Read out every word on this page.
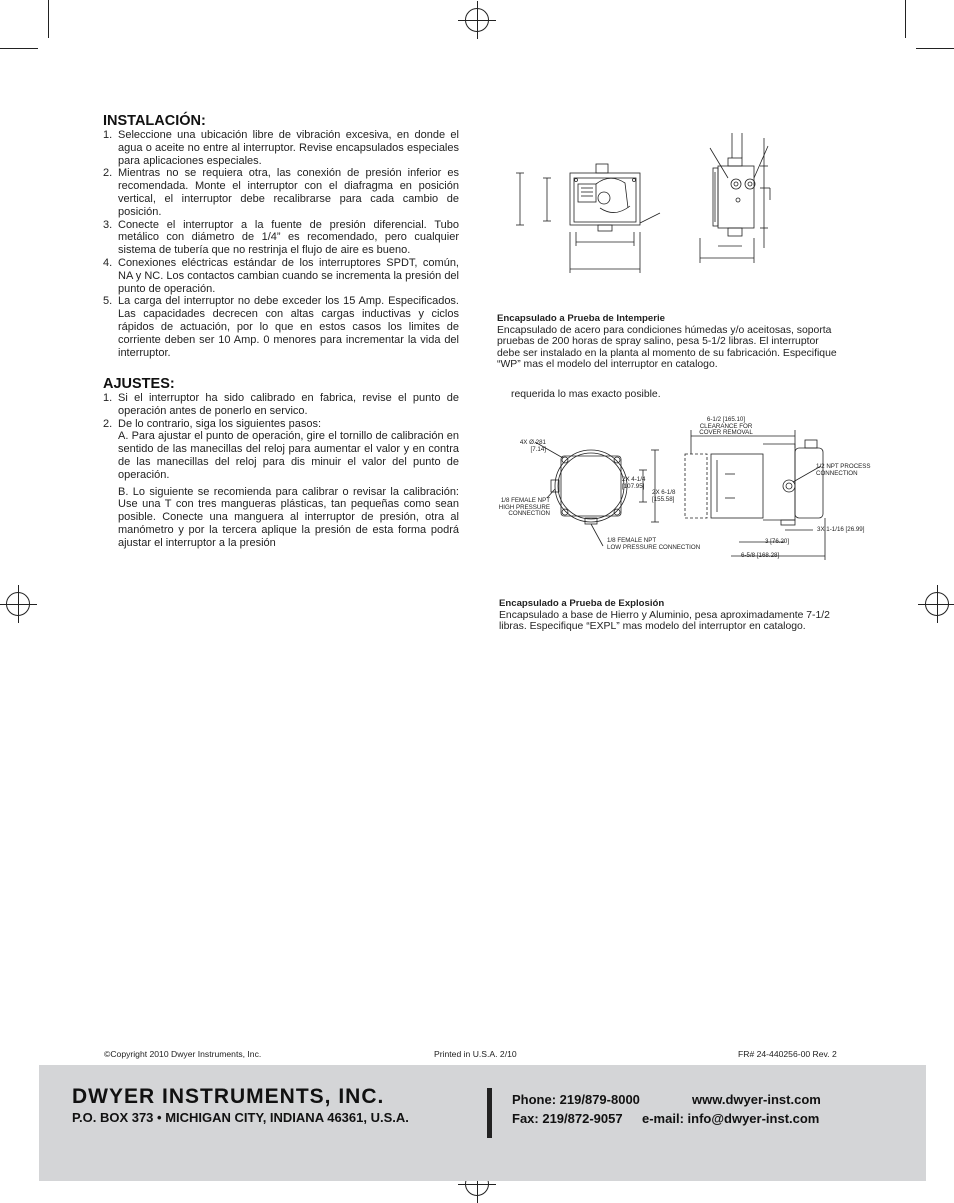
INSTALACIÓN:
1. Seleccione una ubicación libre de vibración excesiva, en donde el agua o aceite no entre al interruptor. Revise encapsulados especiales para aplicaciones especiales.
2. Mientras no se requiera otra, las conexión de presión inferior es recomendada. Monte el interruptor con el diafragma en posición vertical, el interruptor debe recalibrarse para cada cambio de posición.
3. Conecte el interruptor a la fuente de presión diferencial. Tubo metálico con diámetro de 1/4” es recomendado, pero cualquier sistema de tubería que no restrinja el flujo de aire es bueno.
4. Conexiones eléctricas estándar de los interruptores SPDT, común, NA y NC. Los contactos cambian cuando se incrementa la presión del punto de operación.
5. La carga del interruptor no debe exceder los 15 Amp. Especificados. Las capacidades decrecen con altas cargas inductivas y ciclos rápidos de actuación, por lo que en estos casos los limites de corriente deben ser 10 Amp. 0 menores para incrementar la vida del interruptor.
AJUSTES:
1. Si el interruptor ha sido calibrado en fabrica, revise el punto de operación antes de ponerlo en servico.
2. De lo contrario, siga los siguientes pasos:
A. Para ajustar el punto de operación, gire el tornillo de calibración en sentido de las manecillas del reloj para aumentar el valor y en contra de las manecillas del reloj para dis minuir el valor del punto de operación.
B. Lo siguiente se recomienda para calibrar o revisar la calibración: Use una T con tres mangueras plásticas, tan pequeñas como sean posible. Conecte una manguera al interruptor de presión, otra al manómetro y por la tercera aplique la presión de esta forma podrá ajustar el interruptor a la presión
Encapsulado a Prueba de Intemperie
Encapsulado de acero para condiciones húmedas y/o aceitosas, soporta pruebas de 200 horas de spray salino, pesa 5-1/2 libras. El interruptor debe ser instalado en la planta al momento de su fabricación. Especifique “WP” mas el modelo del interruptor en catalogo.
requerida lo mas exacto posible.
4X Ø.281
[7.14]
1/8 FEMALE NPT
HIGH PRESSURE
CONNECTION
1/8 FEMALE NPT
LOW PRESSURE CONNECTION
2X 4-1/4
[107.95]
2X 6-1/8
[155.58]
6-1/2 [165.10]
CLEARANCE FOR
COVER REMOVAL
1/2 NPT PROCESS
CONNECTION
3X 1-1/16 [26.99]
3 [76.20]
6-5/8 [168.28]
Encapsulado a Prueba de Explosión
Encapsulado a base de Hierro y Aluminio, pesa aproximadamente 7-1/2 libras. Especifique “EXPL” mas modelo del interruptor en catalogo.
©Copyright 2010 Dwyer Instruments, Inc.	Printed in U.S.A. 2/10	FR# 24-440256-00 Rev. 2
DWYER INSTRUMENTS, INC.
P.O. BOX 373 • MICHIGAN CITY, INDIANA 46361, U.S.A.
Phone: 219/879-8000	www.dwyer-inst.com
Fax: 219/872-9057 e-mail: info@dwyer-inst.com
